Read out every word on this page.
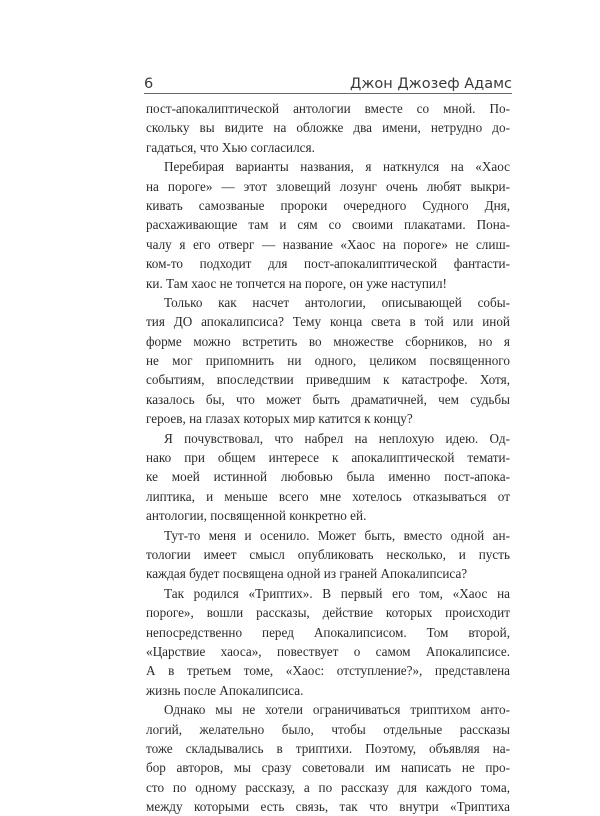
6	Джон Джозеф Адамс

пост-апокалиптической антологии вместе со мной. По-
скольку вы видите на обложке два имени, нетрудно до-
гадаться, что Хью согласился.

Перебирая варианты названия, я наткнулся на «Хаос
на пороге» — этот зловещий лозунг очень любят выкри-
кивать самозваные пророки очередного Судного Дня,
расхаживающие там и сям со своими плакатами. Пона-
чалу я его отверг — название «Хаос на пороге» не слиш-
ком-то подходит для пост-апокалиптической фантасти-
ки. Там хаос не топчется на пороге, он уже наступил!

Только как насчет антологии, описывающей собы-
тия ДО апокалипсиса? Тему конца света в той или иной
форме можно встретить во множестве сборников, но я
не мог припомнить ни одного, целиком посвященного
событиям, впоследствии приведшим к катастрофе. Хотя,
казалось бы, что может быть драматичней, чем судьбы
героев, на глазах которых мир катится к концу?

Я почувствовал, что набрел на неплохую идею. Од-
нако при общем интересе к апокалиптической темати-
ке моей истинной любовью была именно пост-апока-
липтика, и меньше всего мне хотелось отказываться от
антологии, посвященной конкретно ей.

Тут-то меня и осенило. Может быть, вместо одной ан-
тологии имеет смысл опубликовать несколько, и пусть
каждая будет посвящена одной из граней Апокалипсиса?

Так родился «Триптих». В первый его том, «Хаос на
пороге», вошли рассказы, действие которых происходит
непосредственно перед Апокалипсисом. Том второй,
«Царствие хаоса», повествует о самом Апокалипсисе.
А в третьем томе, «Хаос: отступление?», представлена
жизнь после Апокалипсиса.

Однако мы не хотели ограничиваться триптихом анто-
логий, желательно было, чтобы отдельные рассказы
тоже складывались в триптихи. Поэтому, объявляя на-
бор авторов, мы сразу советовали им написать не про-
сто по одному рассказу, а по рассказу для каждого тома,
между которыми есть связь, так что внутри «Триптиха
